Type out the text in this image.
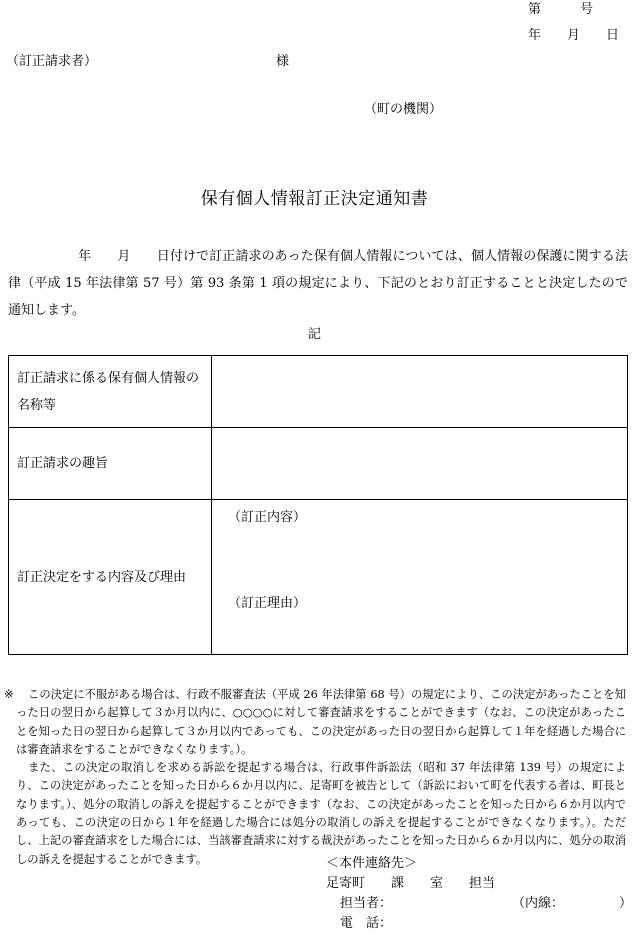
第　　　号
年　　月　　日
（訂正請求者）	様
（町の機関）
保有個人情報訂正決定通知書
年　　月　　日付けで訂正請求のあった保有個人情報については、個人情報の保護に関する法律（平成 15 年法律第 57 号）第 93 条第 1 項の規定により、下記のとおり訂正することと決定したので通知します。
記
訂正請求に係る保有個人情報の名称等	
訂正請求の趣旨	
訂正決定をする内容及び理由	（訂正内容）
（訂正理由）
※	この決定に不服がある場合は、行政不服審査法（平成 26 年法律第 68 号）の規定により、この決定があったことを知った日の翌日から起算して３か月以内に、○○○○に対して審査請求をすることができます（なお、この決定があったことを知った日の翌日から起算して３か月以内であっても、この決定があった日の翌日から起算して１年を経過した場合には審査請求をすることができなくなります。）。

また、この決定の取消しを求める訴訟を提起する場合は、行政事件訴訟法（昭和 37 年法律第 139 号）の規定により、この決定があったことを知った日から６か月以内に、足寄町を被告として（訴訟において町を代表する者は、町長となります。）、処分の取消しの訴えを提起することができます（なお、この決定があったことを知った日から６か月以内であっても、この決定の日から１年を経過した場合には処分の取消しの訴えを提起することができなくなります。）。ただし、上記の審査請求をした場合には、当該審査請求に対する裁決があったことを知った日から６か月以内に、処分の取消しの訴えを提起することができます。	＜本件連絡先＞
足寄町　　課　　室　　担当
担当者：	（内線：	）
電　話：
